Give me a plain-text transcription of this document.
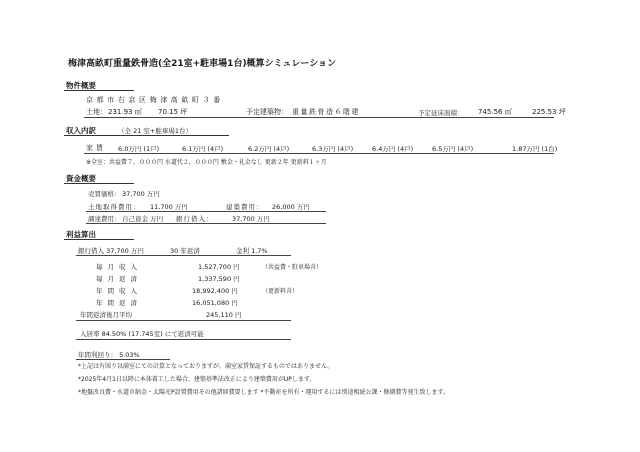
梅津高畝町重量鉄骨造(全21室+駐車場1台)概算シミュレーション
物件概要
京都市右京区梅津高畝町３番
土地： 231.93 ㎡ 70.15 坪	予定建築物： 重量鉄骨造６階建	予定延床面積： 745.56 ㎡	225.53 坪
収入内訳	（全 21 室+駐車場1台）
家賃 6.0万円 (1戸)	6.1万円 (4戸)	6.2万円 (4戸)	6.3万円 (4戸)	6.4万円 (4戸)	6.5万円 (4戸)	1.87万円 (1台)
※全室：共益費７，０００円 水道代２，０００円 敷金・礼金なし 更新２年 更新料１ヶ月
資金概要
売買価格： 37,700 万円
土地取得費用： 11,700 万円	建築費用： 26,000 万円
調達費用： 自己資金 万円 銀行借入：	37,700 万円
利益算出
銀行借入 37,700 万円	30 年返済	金利 1.7%
毎月収入	1,527,700 円	（共益費・駐車場含）
毎月返済	1,337,590 円
年間収入	18,992,400 円	（更新料含）
年間返済	16,051,080 円
年間返済後月平均	245,110 円
入居率 84.50% (17.745室) にて返済可能
年間利回り： 5.03%
*上記は有図り以満室にての計算となっておりますが、満室家賃保証するものではありません。
*2025年4月1日以降に本体着工した場合、建築基準法改正により建築費用がUPします。
*地盤改良費・水道市納金・太陽光P設置費用その他諸経費要します *不動産を所有・運用するには別途相続公課・修繕費等発生致します。
